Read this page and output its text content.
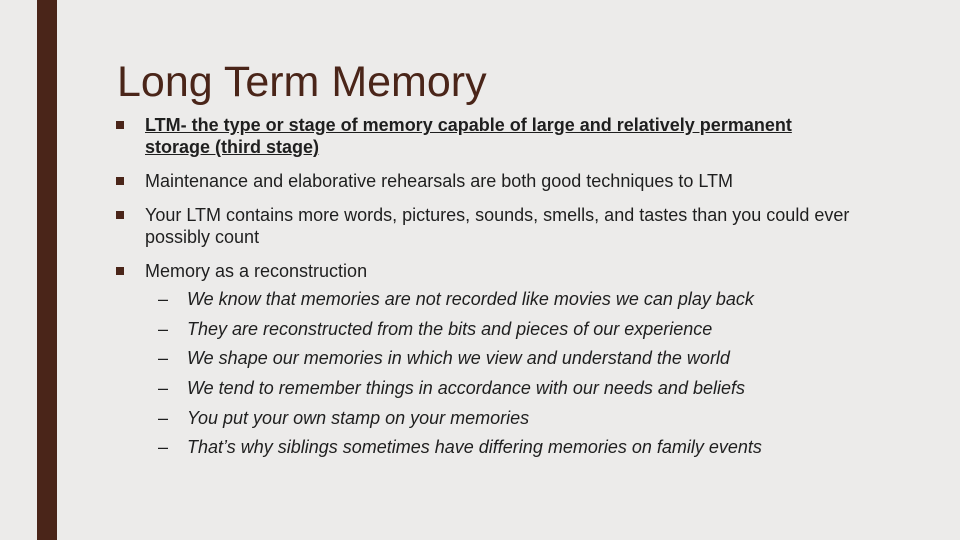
Long Term Memory
LTM- the type or stage of memory capable of large and relatively permanent storage (third stage)
Maintenance and elaborative rehearsals are both good techniques to LTM
Your LTM contains more words, pictures, sounds, smells, and tastes than you could ever possibly count
Memory as a reconstruction
– We know that memories are not recorded like movies we can play back
– They are reconstructed from the bits and pieces of our experience
– We shape our memories in which we view and understand the world
– We tend to remember things in accordance with our needs and beliefs
– You put your own stamp on your memories
– That’s why siblings sometimes have differing memories on family events
